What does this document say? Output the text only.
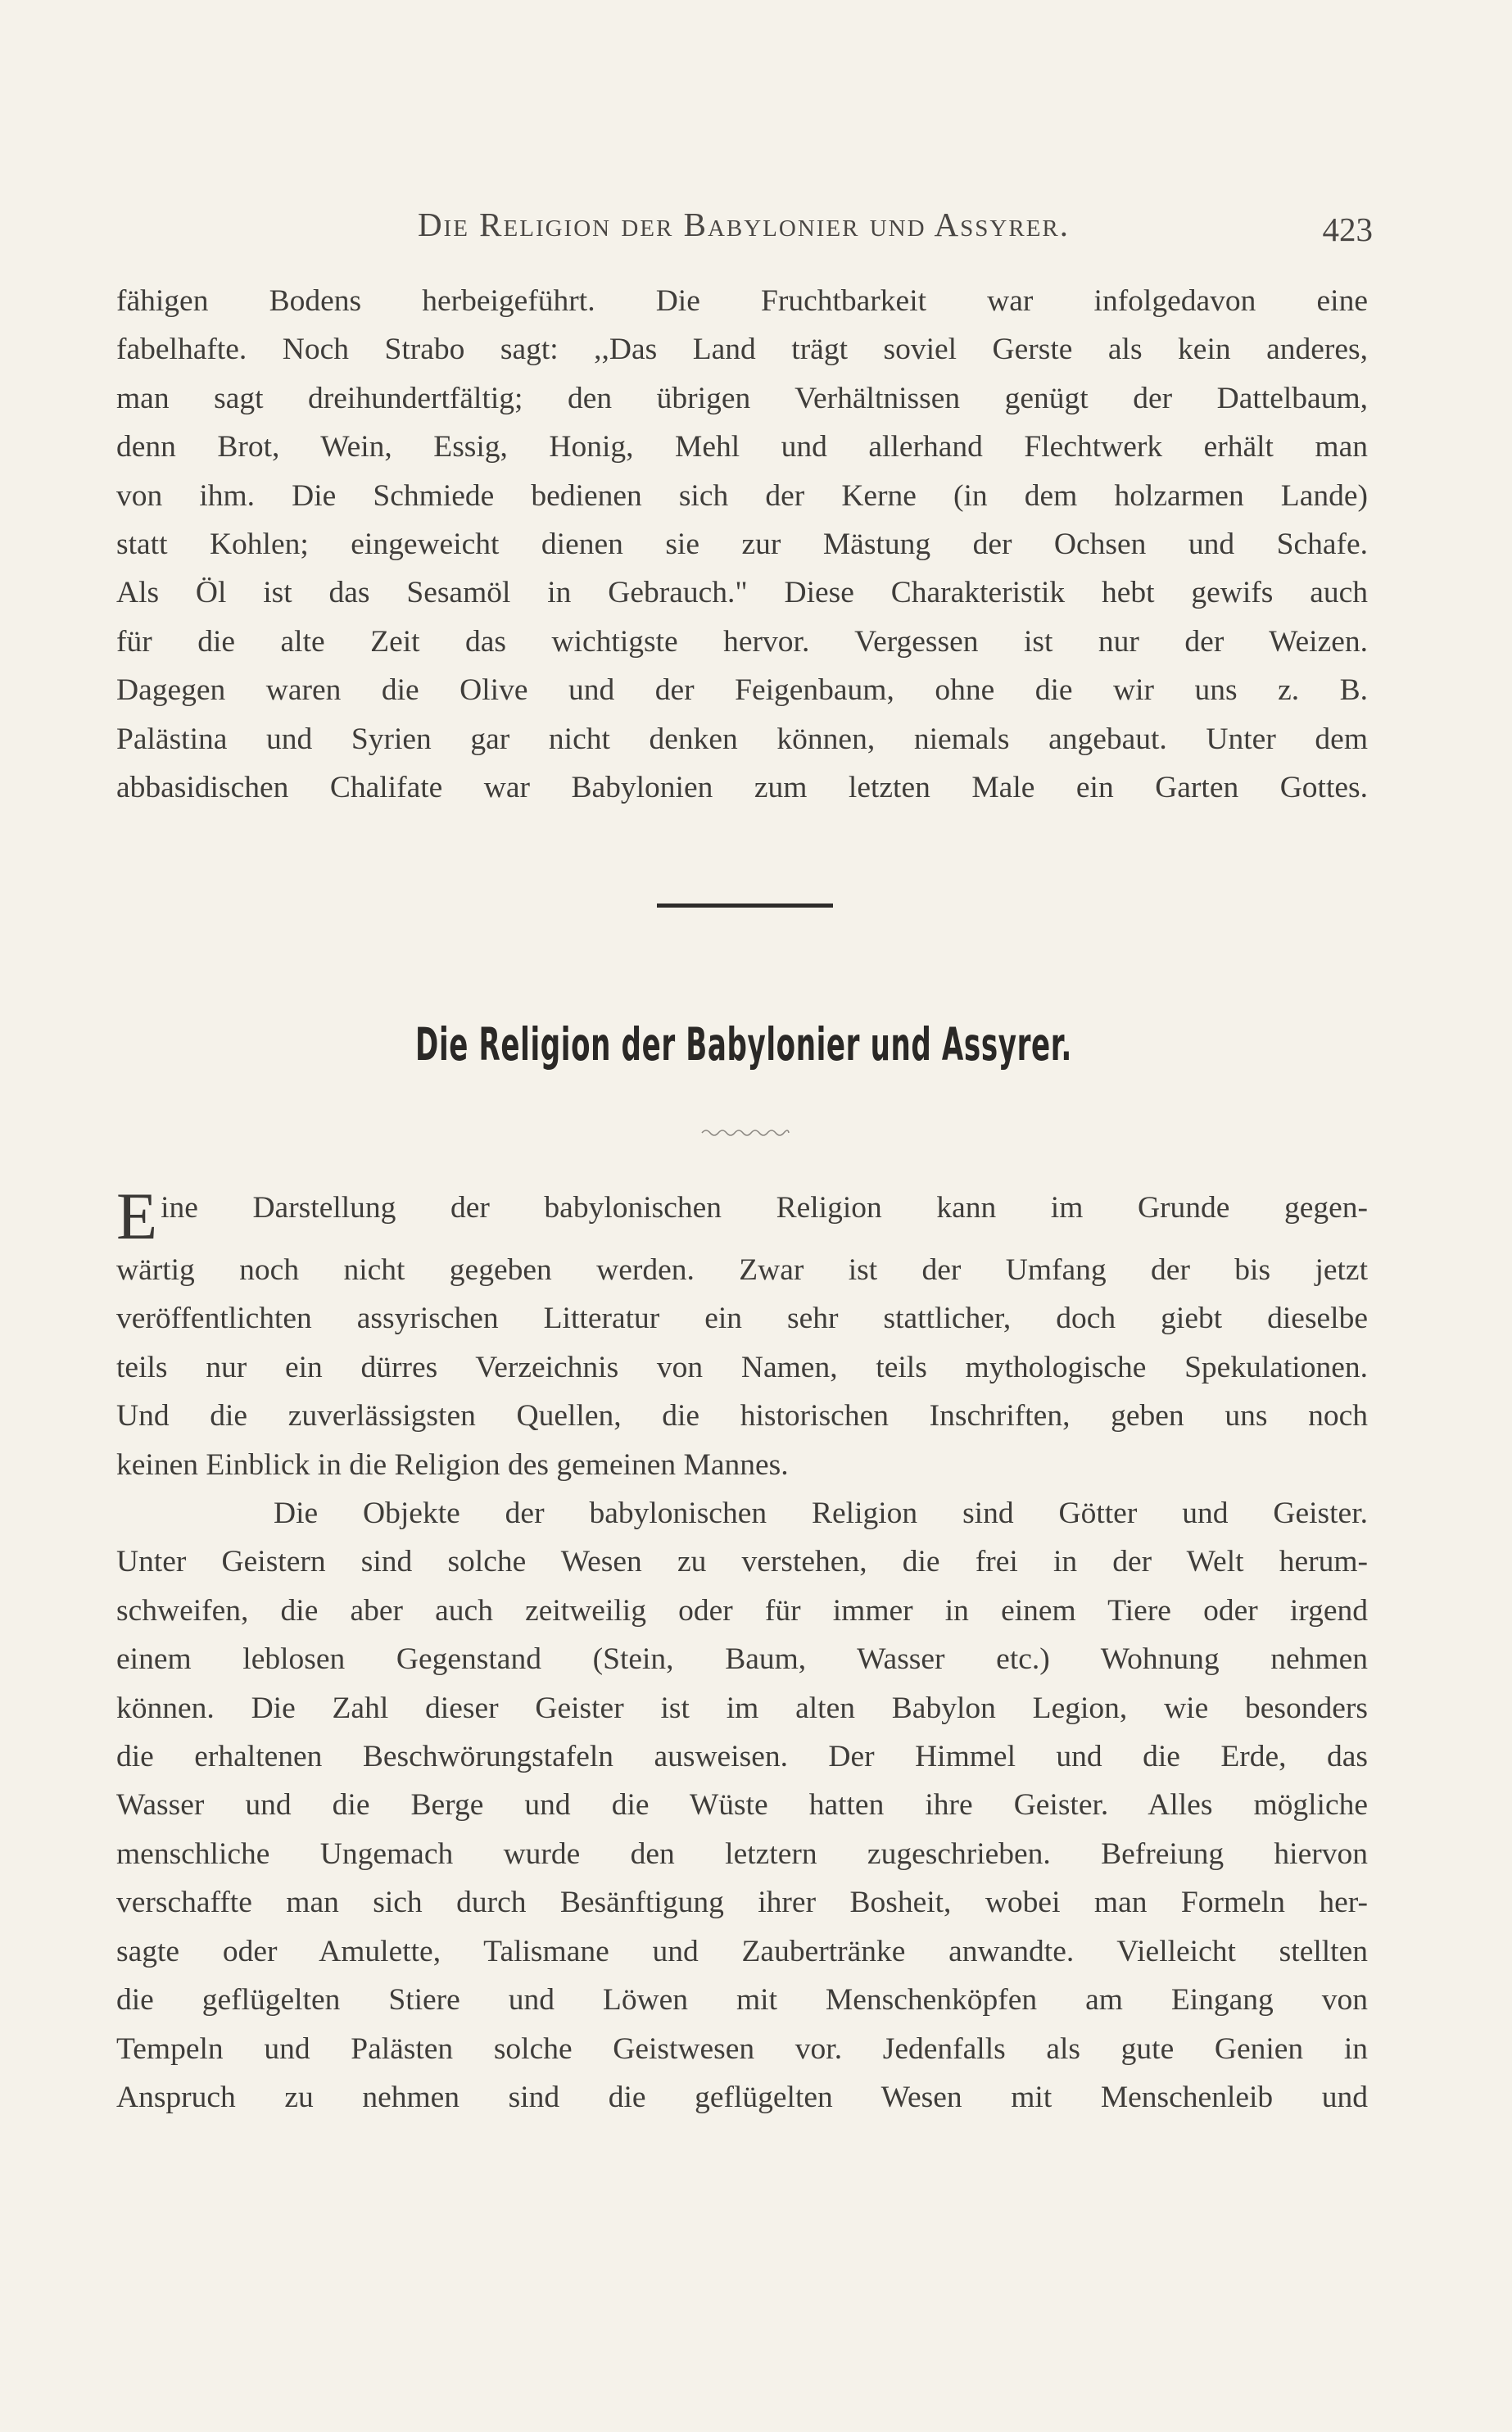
Die Religion der Babylonier und Assyrer.	423
fähigen Bodens herbeigeführt. Die Fruchtbarkeit war infolgedavon eine
fabelhafte. Noch Strabo sagt: ,,Das Land trägt soviel Gerste als kein anderes,
man sagt dreihundertfältig; den übrigen Verhältnissen genügt der Dattelbaum,
denn Brot, Wein, Essig, Honig, Mehl und allerhand Flechtwerk erhält man
von ihm. Die Schmiede bedienen sich der Kerne (in dem holzarmen Lande)
statt Kohlen; eingeweicht dienen sie zur Mästung der Ochsen und Schafe.
Als Öl ist das Sesamöl in Gebrauch." Diese Charakteristik hebt gewifs auch
für die alte Zeit das wichtigste hervor. Vergessen ist nur der Weizen.
Dagegen waren die Olive und der Feigenbaum, ohne die wir uns z. B.
Palästina und Syrien gar nicht denken können, niemals angebaut. Unter dem
abbasidischen Chalifate war Babylonien zum letzten Male ein Garten Gottes.
Die Religion der Babylonier und Assyrer.
Eine Darstellung der babylonischen Religion kann im Grunde gegen-
wärtig noch nicht gegeben werden. Zwar ist der Umfang der bis jetzt
veröffentlichten assyrischen Litteratur ein sehr stattlicher, doch giebt dieselbe
teils nur ein dürres Verzeichnis von Namen, teils mythologische Spekulationen.
Und die zuverlässigsten Quellen, die historischen Inschriften, geben uns noch
keinen Einblick in die Religion des gemeinen Mannes.
Die Objekte der babylonischen Religion sind Götter und Geister.
Unter Geistern sind solche Wesen zu verstehen, die frei in der Welt herum-
schweifen, die aber auch zeitweilig oder für immer in einem Tiere oder irgend
einem leblosen Gegenstand (Stein, Baum, Wasser etc.) Wohnung nehmen
können. Die Zahl dieser Geister ist im alten Babylon Legion, wie besonders
die erhaltenen Beschwörungstafeln ausweisen. Der Himmel und die Erde, das
Wasser und die Berge und die Wüste hatten ihre Geister. Alles mögliche
menschliche Ungemach wurde den letztern zugeschrieben. Befreiung hiervon
verschaffte man sich durch Besänftigung ihrer Bosheit, wobei man Formeln her-
sagte oder Amulette, Talismane und Zaubertränke anwandte. Vielleicht stellten
die geflügelten Stiere und Löwen mit Menschenköpfen am Eingang von
Tempeln und Palästen solche Geistwesen vor. Jedenfalls als gute Genien in
Anspruch zu nehmen sind die geflügelten Wesen mit Menschenleib und
